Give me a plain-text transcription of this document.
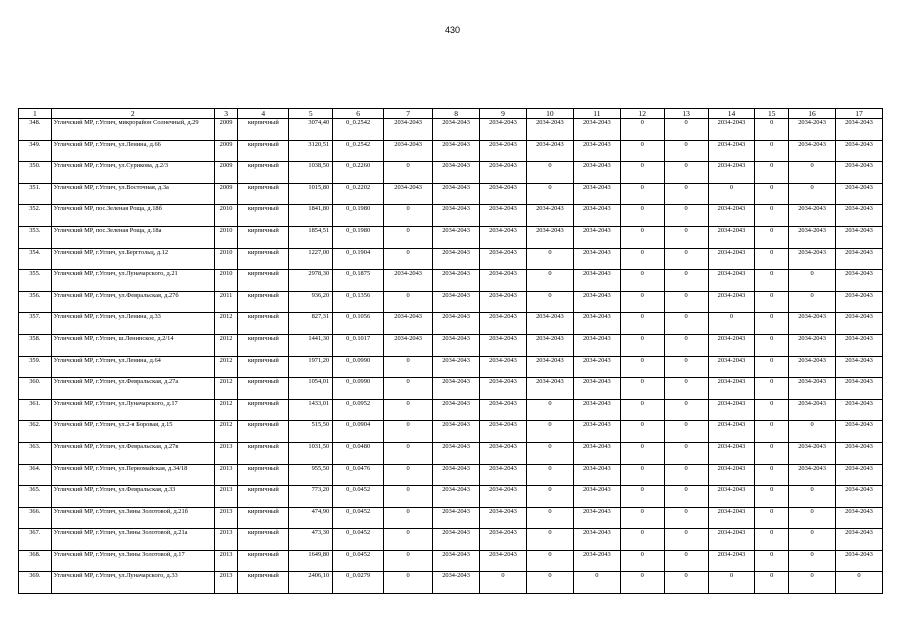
430
1	2	3	4	5	6	7	8	9	10	11	12	13	14	15	16	17
348.	Угличский МР, г.Углич, микрорайон Солнечный, д.29	2009	кирпичный	3074,40	0_0.2542	2034-2043	2034-2043	2034-2043	2034-2043	2034-2043	0	0	2034-2043	0	2034-2043	2034-2043
349.	Угличский МР, г.Углич, ул.Ленина, д.66	2009	кирпичный	3120,51	0_0.2542	2034-2043	2034-2043	2034-2043	2034-2043	2034-2043	0	0	2034-2043	0	2034-2043	2034-2043
350.	Угличский МР, г.Углич, ул.Сурикова, д.2/3	2009	кирпичный	1038,50	0_0.2260	0	2034-2043	2034-2043	0	2034-2043	0	0	2034-2043	0	0	2034-2043
351.	Угличский МР, г.Углич, ул.Восточная, д.3а	2009	кирпичный	1015,80	0_0.2202	2034-2043	2034-2043	2034-2043	0	2034-2043	0	0	0	0	0	2034-2043
352.	Угличский МР, пос.Зеленая Роща, д.18б	2010	кирпичный	1841,80	0_0.1980	0	2034-2043	2034-2043	2034-2043	2034-2043	0	0	2034-2043	0	2034-2043	2034-2043
353.	Угличский МР, пос.Зеленая Роща, д.18а	2010	кирпичный	1854,51	0_0.1980	0	2034-2043	2034-2043	2034-2043	2034-2043	0	0	2034-2043	0	2034-2043	2034-2043
354.	Угличский МР, г.Углич, ул.Берггольц, д.12	2010	кирпичный	1227,00	0_0.1904	0	2034-2043	2034-2043	0	2034-2043	0	0	2034-2043	0	2034-2043	2034-2043
355.	Угличский МР, г.Углич, ул.Луначарского, д.21	2010	кирпичный	2978,30	0_0.1875	2034-2043	2034-2043	2034-2043	0	2034-2043	0	0	2034-2043	0	0	2034-2043
356.	Угличский МР, г.Углич, ул.Февральская, д.27б	2011	кирпичный	936,20	0_0.1356	0	2034-2043	2034-2043	0	2034-2043	0	0	2034-2043	0	0	2034-2043
357.	Угличский МР, г.Углич, ул.Ленина, д.33	2012	кирпичный	827,31	0_0.1056	2034-2043	2034-2043	2034-2043	2034-2043	2034-2043	0	0	0	0	2034-2043	2034-2043
358.	Угличский МР, г.Углич, ш.Ленинское, д.2/14	2012	кирпичный	1441,30	0_0.1017	2034-2043	2034-2043	2034-2043	2034-2043	2034-2043	0	0	2034-2043	0	2034-2043	2034-2043
359.	Угличский МР, г.Углич, ул.Ленина, д.64	2012	кирпичный	1971,20	0_0.0990	0	2034-2043	2034-2043	2034-2043	2034-2043	0	0	2034-2043	0	2034-2043	2034-2043
360.	Угличский МР, г.Углич, ул.Февральская, д.27а	2012	кирпичный	1054,01	0_0.0990	0	2034-2043	2034-2043	2034-2043	2034-2043	0	0	2034-2043	0	2034-2043	2034-2043
361.	Угличский МР, г.Углич, ул.Луначарского, д.17	2012	кирпичный	1433,01	0_0.0952	0	2034-2043	2034-2043	0	2034-2043	0	0	2034-2043	0	2034-2043	2034-2043
362.	Угличский МР, г.Углич, ул.2-я Боровая, д.15	2012	кирпичный	515,50	0_0.0904	0	2034-2043	2034-2043	0	2034-2043	0	0	2034-2043	0	0	2034-2043
363.	Угличский МР, г.Углич, ул.Февральская, д.27в	2013	кирпичный	1031,50	0_0.0480	0	2034-2043	2034-2043	0	2034-2043	0	0	2034-2043	0	2034-2043	2034-2043
364.	Угличский МР, г.Углич, ул.Первомайская, д.34/18	2013	кирпичный	955,50	0_0.0476	0	2034-2043	2034-2043	0	2034-2043	0	0	2034-2043	0	2034-2043	2034-2043
365.	Угличский МР, г.Углич, ул.Февральская, д.33	2013	кирпичный	773,20	0_0.0452	0	2034-2043	2034-2043	0	2034-2043	0	0	2034-2043	0	0	2034-2043
366.	Угличский МР, г.Углич, ул.Зины Золотовой, д.21б	2013	кирпичный	474,90	0_0.0452	0	2034-2043	2034-2043	0	2034-2043	0	0	2034-2043	0	0	2034-2043
367.	Угличский МР, г.Углич, ул.Зины Золотовой, д.21а	2013	кирпичный	473,30	0_0.0452	0	2034-2043	2034-2043	0	2034-2043	0	0	2034-2043	0	0	2034-2043
368.	Угличский МР, г.Углич, ул.Зины Золотовой, д.17	2013	кирпичный	1649,80	0_0.0452	0	2034-2043	2034-2043	0	2034-2043	0	0	2034-2043	0	0	2034-2043
369.	Угличский МР, г.Углич, ул.Луначарского, д.33	2013	кирпичный	2406,10	0_0.0279	0	2034-2043	0	0	0	0	0	0	0	0	0
